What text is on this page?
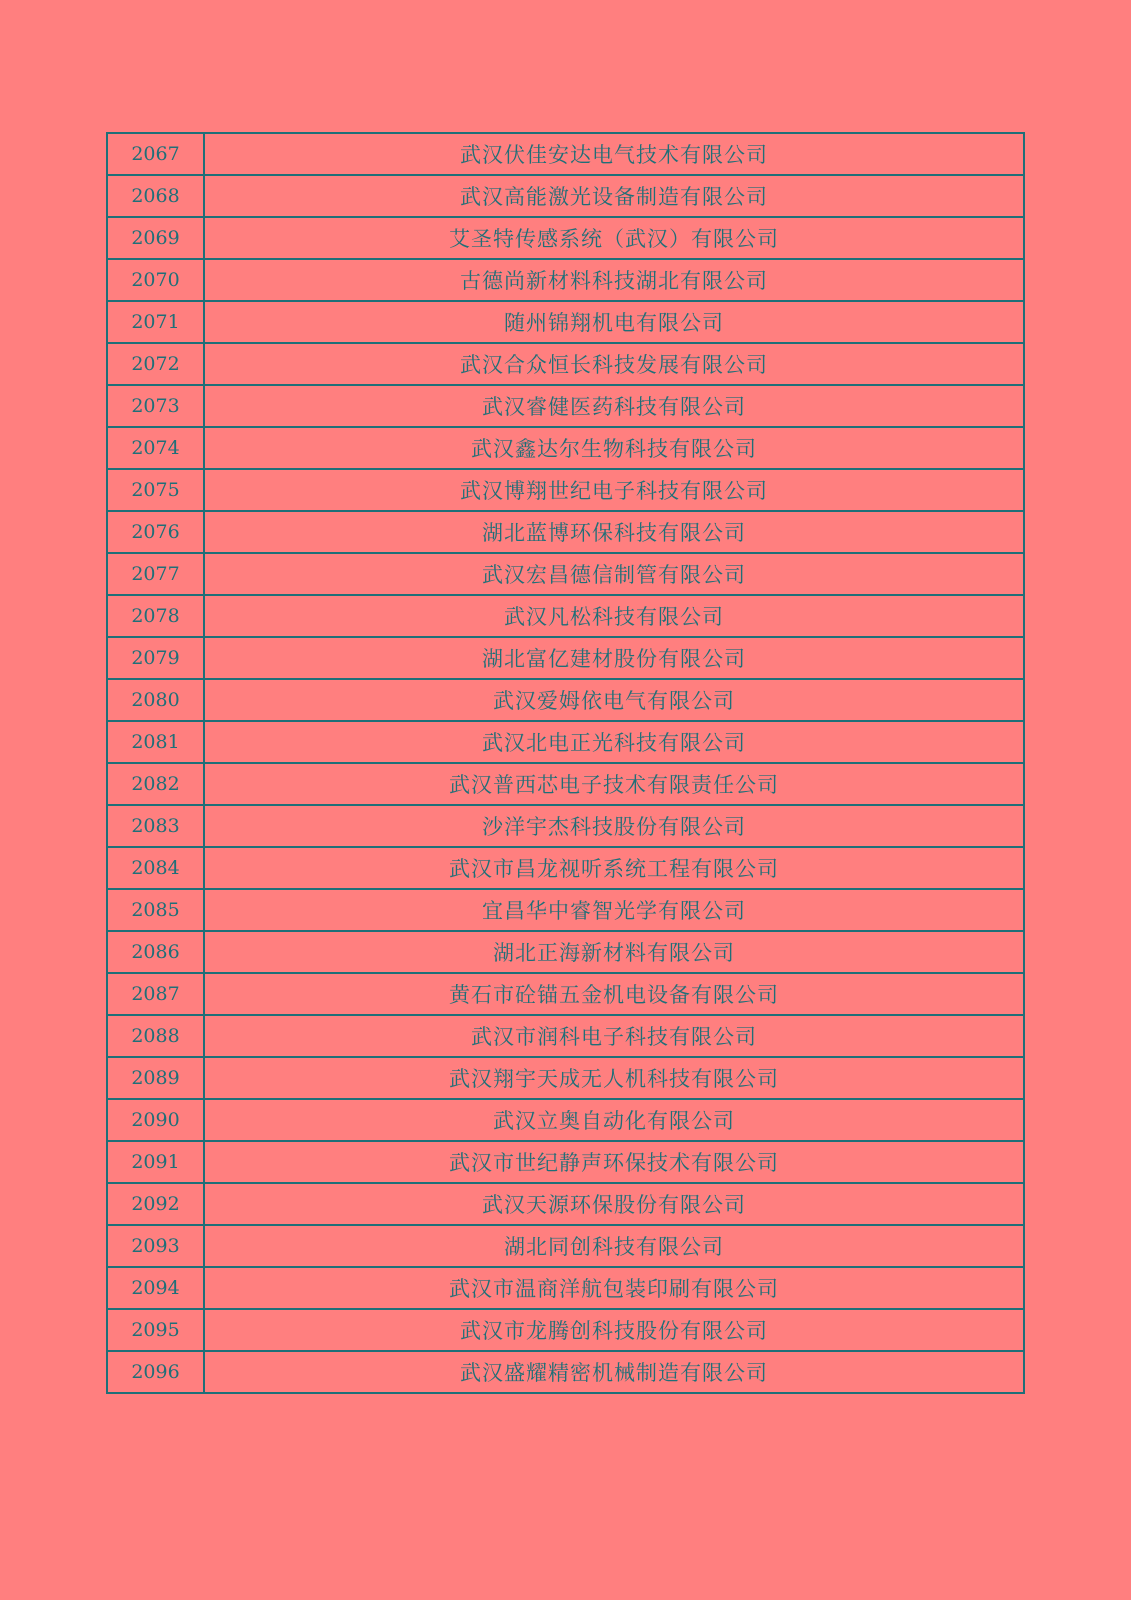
2067	武汉伏佳安达电气技术有限公司
2068	武汉高能激光设备制造有限公司
2069	艾圣特传感系统（武汉）有限公司
2070	古德尚新材料科技湖北有限公司
2071	随州锦翔机电有限公司
2072	武汉合众恒长科技发展有限公司
2073	武汉睿健医药科技有限公司
2074	武汉鑫达尔生物科技有限公司
2075	武汉博翔世纪电子科技有限公司
2076	湖北蓝博环保科技有限公司
2077	武汉宏昌德信制管有限公司
2078	武汉凡松科技有限公司
2079	湖北富亿建材股份有限公司
2080	武汉爱姆依电气有限公司
2081	武汉北电正光科技有限公司
2082	武汉普西芯电子技术有限责任公司
2083	沙洋宇杰科技股份有限公司
2084	武汉市昌龙视听系统工程有限公司
2085	宜昌华中睿智光学有限公司
2086	湖北正海新材料有限公司
2087	黄石市砼锚五金机电设备有限公司
2088	武汉市润科电子科技有限公司
2089	武汉翔宇天成无人机科技有限公司
2090	武汉立奥自动化有限公司
2091	武汉市世纪静声环保技术有限公司
2092	武汉天源环保股份有限公司
2093	湖北同创科技有限公司
2094	武汉市温商洋航包装印刷有限公司
2095	武汉市龙腾创科技股份有限公司
2096	武汉盛耀精密机械制造有限公司
